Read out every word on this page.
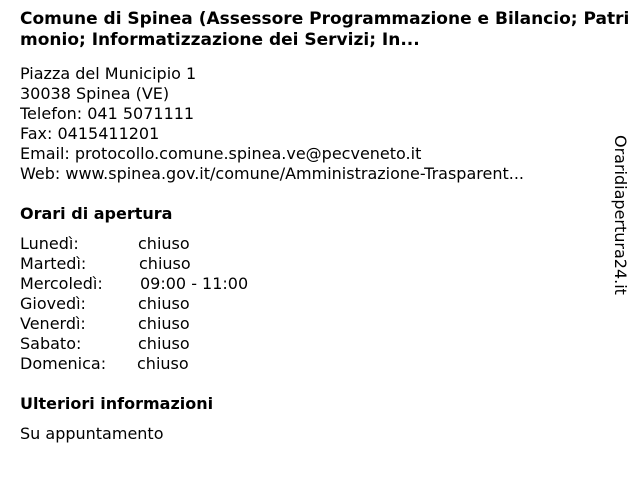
Comune di Spinea (Assessore Programmazione e Bilancio; Patrimonio; Informatizzazione dei Servizi; In...
Piazza del Municipio 1
30038 Spinea (VE)
Telefon: 041 5071111
Fax: 0415411201
Email: protocollo.comune.spinea.ve@pecveneto.it
Web: www.spinea.gov.it/comune/Amministrazione-Trasparent...
Orari di apertura
Lunedì:	chiuso
Martedì:	chiuso
Mercoledì: 09:00 - 11:00
Giovedì:	chiuso
Venerdì:	chiuso
Sabato:	chiuso
Domenica: chiuso
Ulteriori informazioni
Su appuntamento
Oraridiapertura24.it
